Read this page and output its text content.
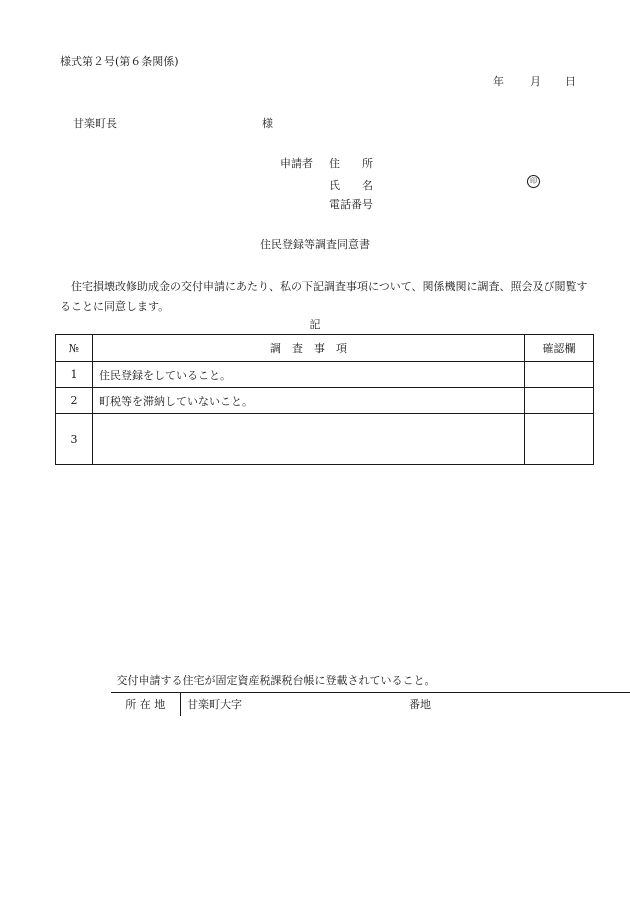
様式第２号(第６条関係)
年 月 日
甘楽町長	様
申請者 住　　所
氏　　名	印
電話番号
住民登録等調査同意書
住宅損壊改修助成金の交付申請にあたり、私の下記調査事項について、関係機関に調査、照会及び閲覧することに同意します。
記
№	調　査　事　項	確認欄
1	住民登録をしていること。	
2	町税等を滞納していないこと。	
3	
交付申請する住宅が固定資産税課税台帳に登載されていること。
所 在 地	甘楽町大字	番地
